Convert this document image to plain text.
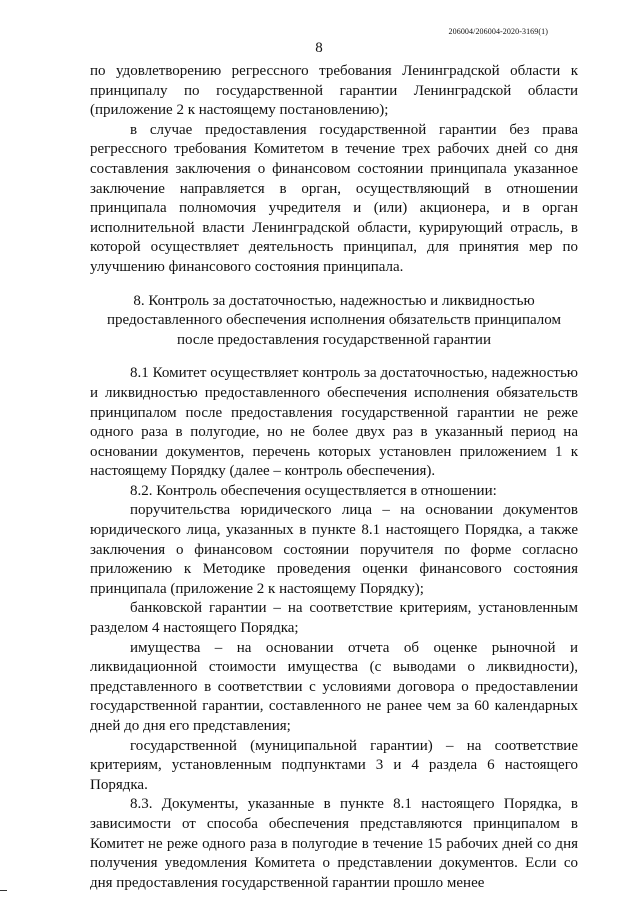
206004/206004-2020-3169(1)
8

по удовлетворению регрессного требования Ленинградской области к принципалу по государственной гарантии Ленинградской области (приложение 2 к настоящему постановлению);

в случае предоставления государственной гарантии без права регрессного требования Комитетом в течение трех рабочих дней со дня составления заключения о финансовом состоянии принципала указанное заключение направляется в орган, осуществляющий в отношении принципала полномочия учредителя и (или) акционера, и в орган исполнительной власти Ленинградской области, курирующий отрасль, в которой осуществляет деятельность принципал, для принятия мер по улучшению финансового состояния принципала.

8. Контроль за достаточностью, надежностью и ликвидностью
предоставленного обеспечения исполнения обязательств принципалом
после предоставления государственной гарантии

8.1 Комитет осуществляет контроль за достаточностью, надежностью и ликвидностью предоставленного обеспечения исполнения обязательств принципалом после предоставления государственной гарантии не реже одного раза в полугодие, но не более двух раз в указанный период на основании документов, перечень которых установлен приложением 1 к настоящему Порядку (далее – контроль обеспечения).

8.2. Контроль обеспечения осуществляется в отношении:

поручительства юридического лица – на основании документов юридического лица, указанных в пункте 8.1 настоящего Порядка, а также заключения о финансовом состоянии поручителя по форме согласно приложению к Методике проведения оценки финансового состояния принципала (приложение 2 к настоящему Порядку);

банковской гарантии – на соответствие критериям, установленным разделом 4 настоящего Порядка;

имущества – на основании отчета об оценке рыночной и ликвидационной стоимости имущества (с выводами о ликвидности), представленного в соответствии с условиями договора о предоставлении государственной гарантии, составленного не ранее чем за 60 календарных дней до дня его представления;

государственной (муниципальной гарантии) – на соответствие критериям, установленным подпунктами 3 и 4 раздела 6 настоящего Порядка.

8.3. Документы, указанные в пункте 8.1 настоящего Порядка, в зависимости от способа обеспечения представляются принципалом в Комитет не реже одного раза в полугодие в течение 15 рабочих дней со дня получения уведомления Комитета о представлении документов. Если со дня предоставления государственной гарантии прошло менее
